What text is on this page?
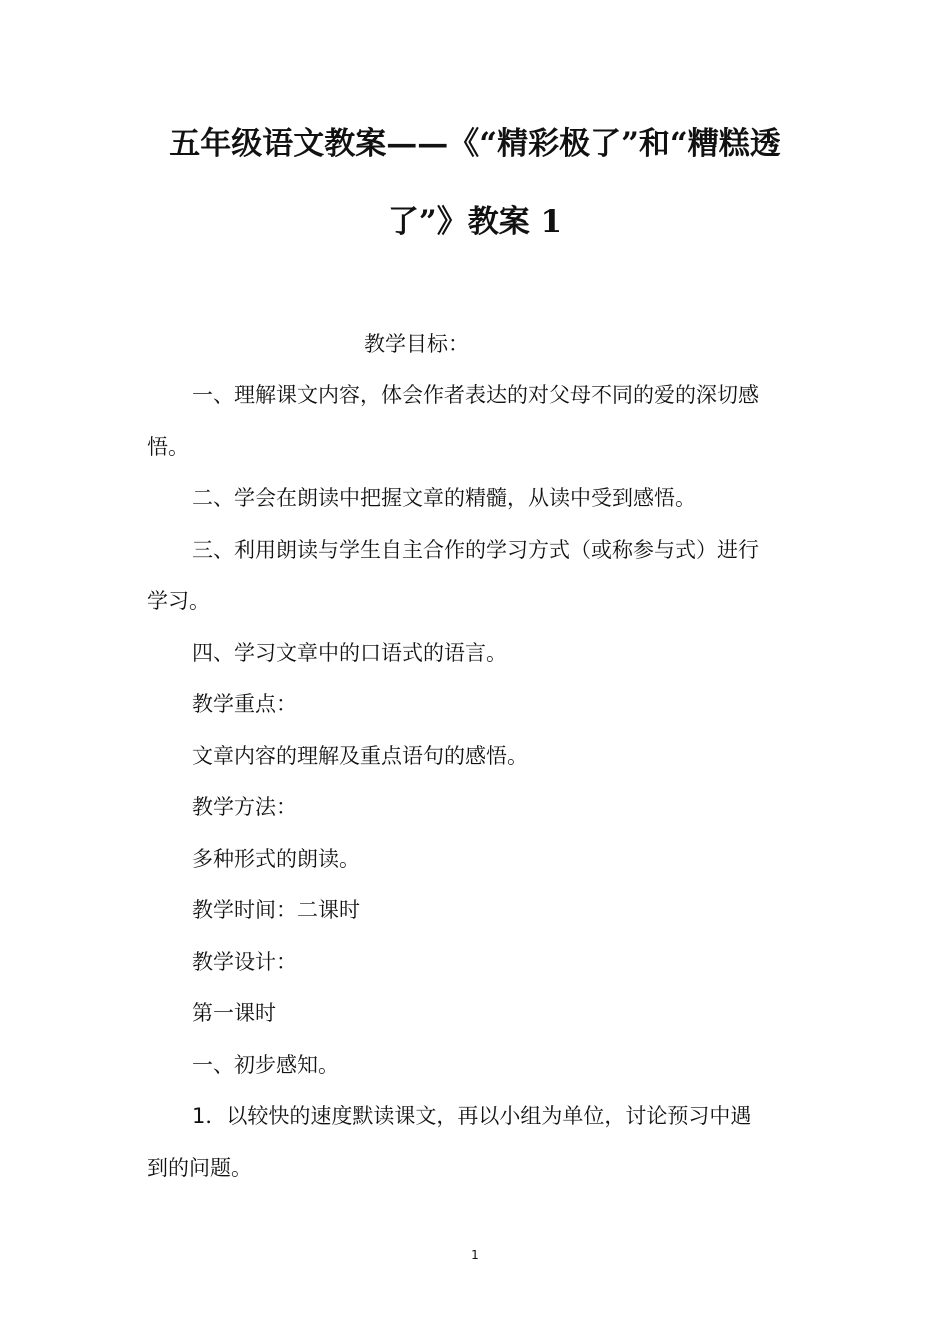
五年级语文教案——《“精彩极了”和“糟糕透
了”》教案 1

教学目标：

一、理解课文内容，体会作者表达的对父母不同的爱的深切感

悟。

二、学会在朗读中把握文章的精髓，从读中受到感悟。

三、利用朗读与学生自主合作的学习方式（或称参与式）进行

学习。

四、学习文章中的口语式的语言。

教学重点：

文章内容的理解及重点语句的感悟。

教学方法：

多种形式的朗读。

教学时间：二课时

教学设计：

第一课时

一、初步感知。

1．以较快的速度默读课文，再以小组为单位，讨论预习中遇

到的问题。

1
